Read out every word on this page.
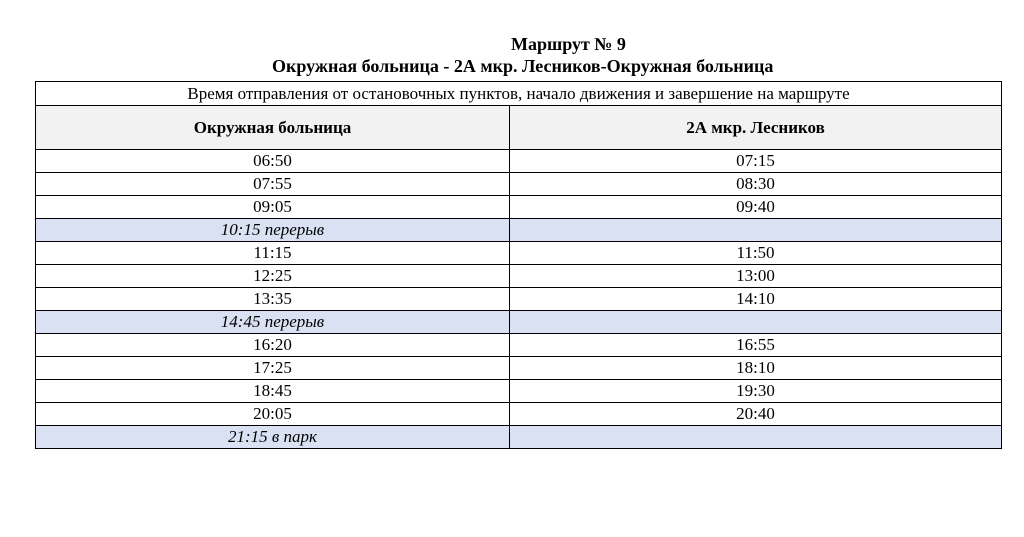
Маршрут № 9
Окружная больница - 2А мкр. Лесников-Окружная больница
Время отправления от остановочных пунктов, начало движения и завершение на маршруте	
Окружная больница	2А мкр. Лесников
06:50	07:15
07:55	08:30
09:05	09:40
10:15 перерыв	
11:15	11:50
12:25	13:00
13:35	14:10
14:45 перерыв	
16:20	16:55
17:25	18:10
18:45	19:30
20:05	20:40
21:15 в парк	
